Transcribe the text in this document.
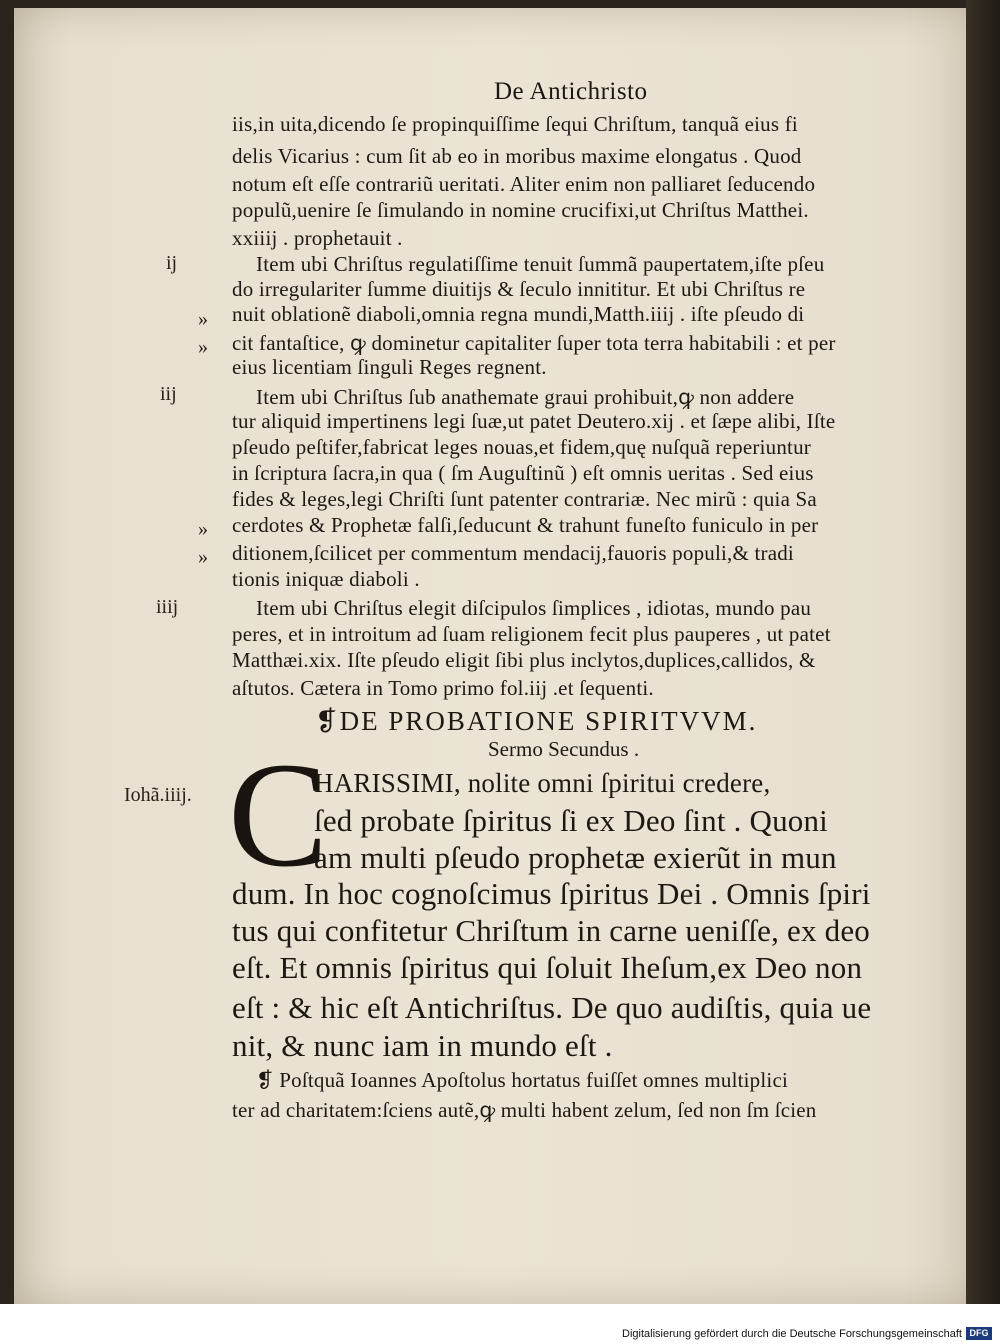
De Antichristo
iis,in uita,dicendo ſe propinquiſſime ſequi Chriſtum, tanquã eius fi
delis Vicarius : cum ſit ab eo in moribus maxime elongatus . Quod
notum eſt eſſe contrariũ ueritati. Aliter enim non palliaret ſeducendo
populũ,uenire ſe ſimulando in nomine crucifixi,ut Chriſtus Matthei.
xxiiij . prophetauit .
Item ubi Chriſtus regulatiſſime tenuit ſummã paupertatem,iſte pſeu
do irregulariter ſumme diuitijs & ſeculo innititur. Et ubi Chriſtus re
nuit oblationẽ diaboli,omnia regna mundi,Matth.iiij . iſte pſeudo di
cit fantaſtice, ꝙ dominetur capitaliter ſuper tota terra habitabili : et per
eius licentiam ſinguli Reges regnent.
Item ubi Chriſtus ſub anathemate graui prohibuit,ꝙ non addere
tur aliquid impertinens legi ſuæ,ut patet Deutero.xij . et ſæpe alibi, Iſte
pſeudo peſtifer,fabricat leges nouas,et fidem,quę nuſquã reperiuntur
in ſcriptura ſacra,in qua ( ſm Auguſtinũ ) eſt omnis ueritas . Sed eius
fides & leges,legi Chriſti ſunt patenter contrariæ. Nec mirũ : quia Sa
cerdotes & Prophetæ falſi,ſeducunt & trahunt funeſto funiculo in per
ditionem,ſcilicet per commentum mendacij,fauoris populi,& tradi
tionis iniquæ diaboli .
Item ubi Chriſtus elegit diſcipulos ſimplices , idiotas, mundo pau
peres, et in introitum ad ſuam religionem fecit plus pauperes , ut patet
Matthæi.xix. Iſte pſeudo eligit ſibi plus inclytos,duplices,callidos, &
aſtutos. Cætera in Tomo primo fol.iij .et ſequenti.
ij
»
»
iij
»
»
iiij
Iohã.iiij.
❡DE PROBATIONE SPIRITVVM.
Sermo Secundus .
C
HARISSIMI, nolite omni ſpiritui credere,
ſed probate ſpiritus ſi ex Deo ſint . Quoni
am multi pſeudo prophetæ exierũt in mun
dum. In hoc cognoſcimus ſpiritus Dei . Omnis ſpiri
tus qui confitetur Chriſtum in carne ueniſſe, ex deo
eſt. Et omnis ſpiritus qui ſoluit Iheſum,ex Deo non
eſt : & hic eſt Antichriſtus. De quo audiſtis, quia ue
nit, & nunc iam in mundo eſt .
❡ Poſtquã Ioannes Apoſtolus hortatus fuiſſet omnes multiplici
ter ad charitatem:ſciens autẽ,ꝙ multi habent zelum, ſed non ſm ſcien
Digitalisierung gefördert durch die Deutsche Forschungsgemeinschaft DFG
